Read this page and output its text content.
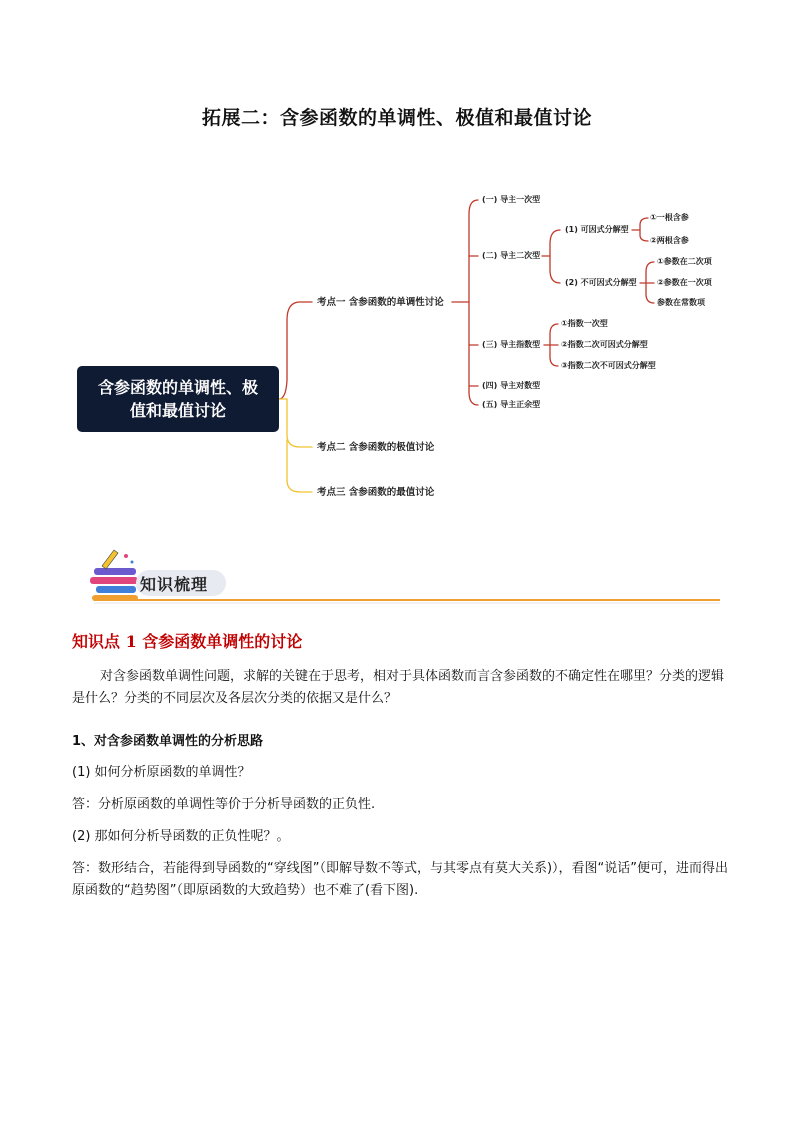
拓展二：含参函数的单调性、极值和最值讨论
含参函数的单调性、极值和最值讨论
考点一 含参函数的单调性讨论
考点二 含参函数的极值讨论
考点三 含参函数的最值讨论
(一) 导主一次型
(二) 导主二次型
(三) 导主指数型
(四) 导主对数型
(五) 导主正余型
(1) 可因式分解型
(2) 不可因式分解型
①一根含参
②两根含参
①参数在二次项
②参数在一次项
参数在常数项
①指数一次型
②指数二次可因式分解型
③指数二次不可因式分解型
知识梳理
知识点 1 含参函数单调性的讨论
对含参函数单调性问题，求解的关键在于思考，相对于具体函数而言含参函数的不确定性在哪里？分类的逻辑是什么？分类的不同层次及各层次分类的依据又是什么？
1、对含参函数单调性的分析思路
(1) 如何分析原函数的单调性？
答：分析原函数的单调性等价于分析导函数的正负性.
(2) 那如何分析导函数的正负性呢？。
答：数形结合，若能得到导函数的“穿线图”（即解导数不等式，与其零点有莫大关系)），看图“说话”便可，进而得出原函数的“趋势图”（即原函数的大致趋势）也不难了(看下图).
